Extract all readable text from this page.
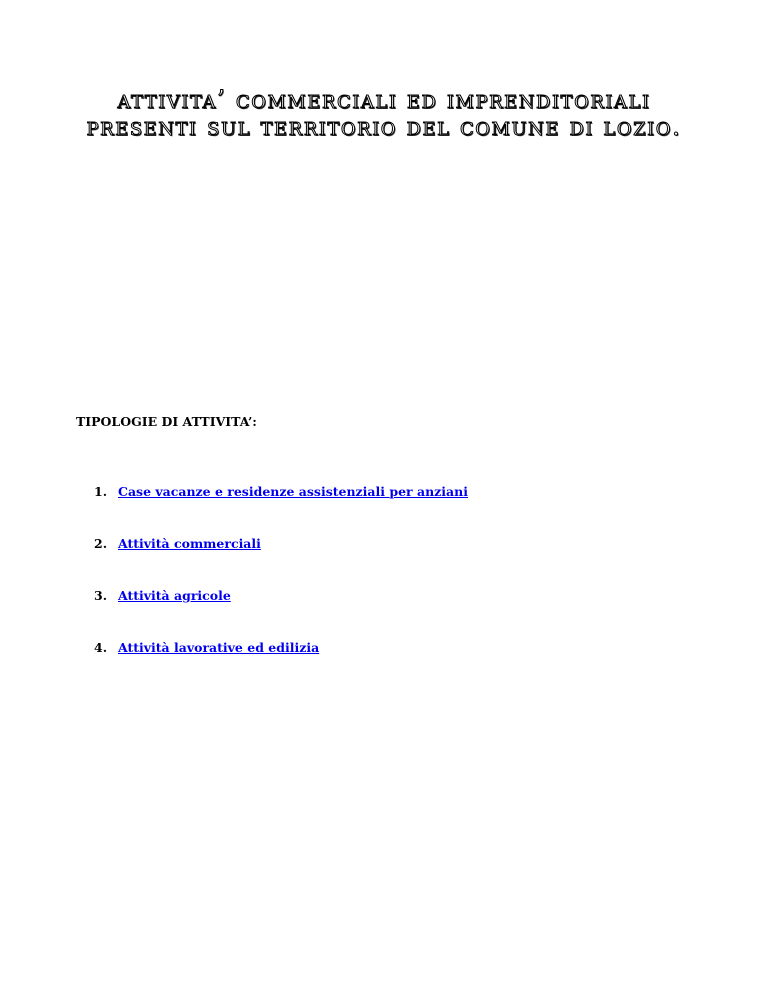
attivita’ commerciali ed imprenditoriali presenti sul territorio del comune di lozio.

TIPOLOGIE DI ATTIVITA’:

1. Case vacanze e residenze assistenziali per anziani
2. Attività commerciali
3. Attività agricole
4. Attività lavorative ed edilizia
